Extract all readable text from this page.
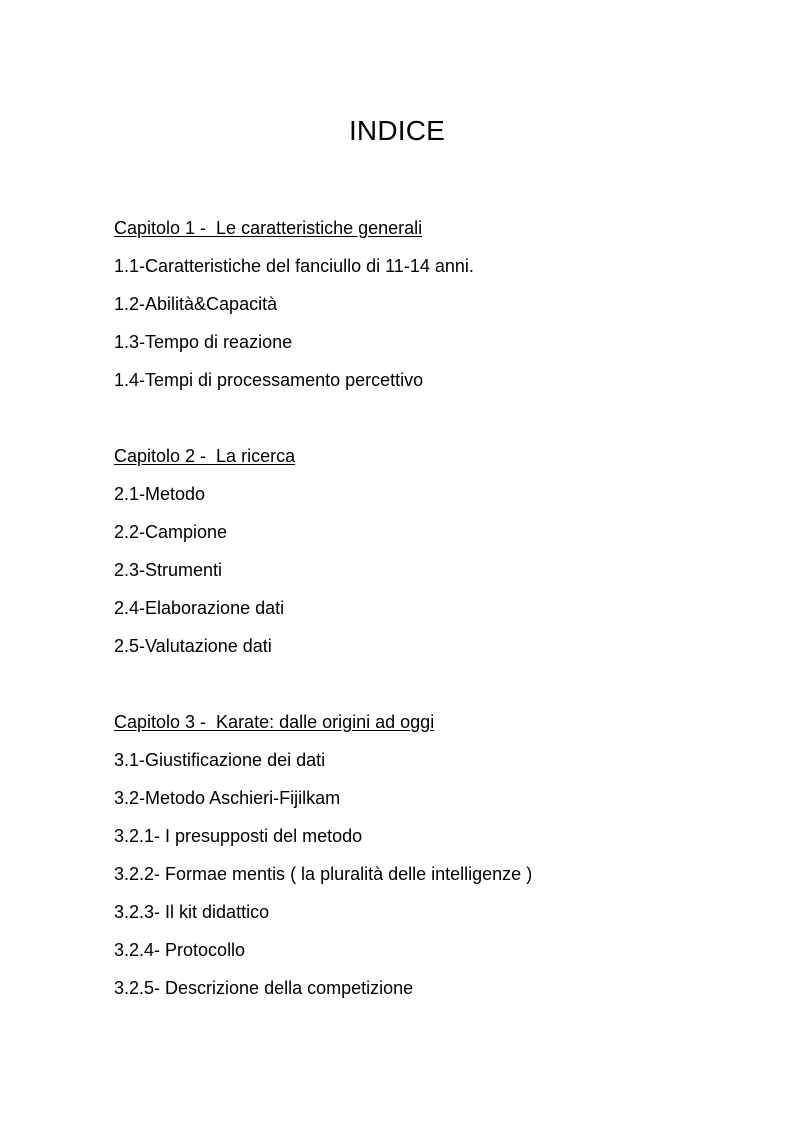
INDICE
Capitolo 1 -  Le caratteristiche generali
1.1-Caratteristiche del fanciullo di 11-14 anni.
1.2-Abilità&Capacità
1.3-Tempo di reazione
1.4-Tempi di processamento percettivo
Capitolo 2 -  La ricerca
2.1-Metodo
2.2-Campione
2.3-Strumenti
2.4-Elaborazione dati
2.5-Valutazione dati
Capitolo 3 -  Karate: dalle origini ad oggi
3.1-Giustificazione dei dati
3.2-Metodo Aschieri-Fijilkam
3.2.1- I presupposti del metodo
3.2.2- Formae mentis ( la pluralità delle intelligenze )
3.2.3- Il kit didattico
3.2.4- Protocollo
3.2.5- Descrizione della competizione
